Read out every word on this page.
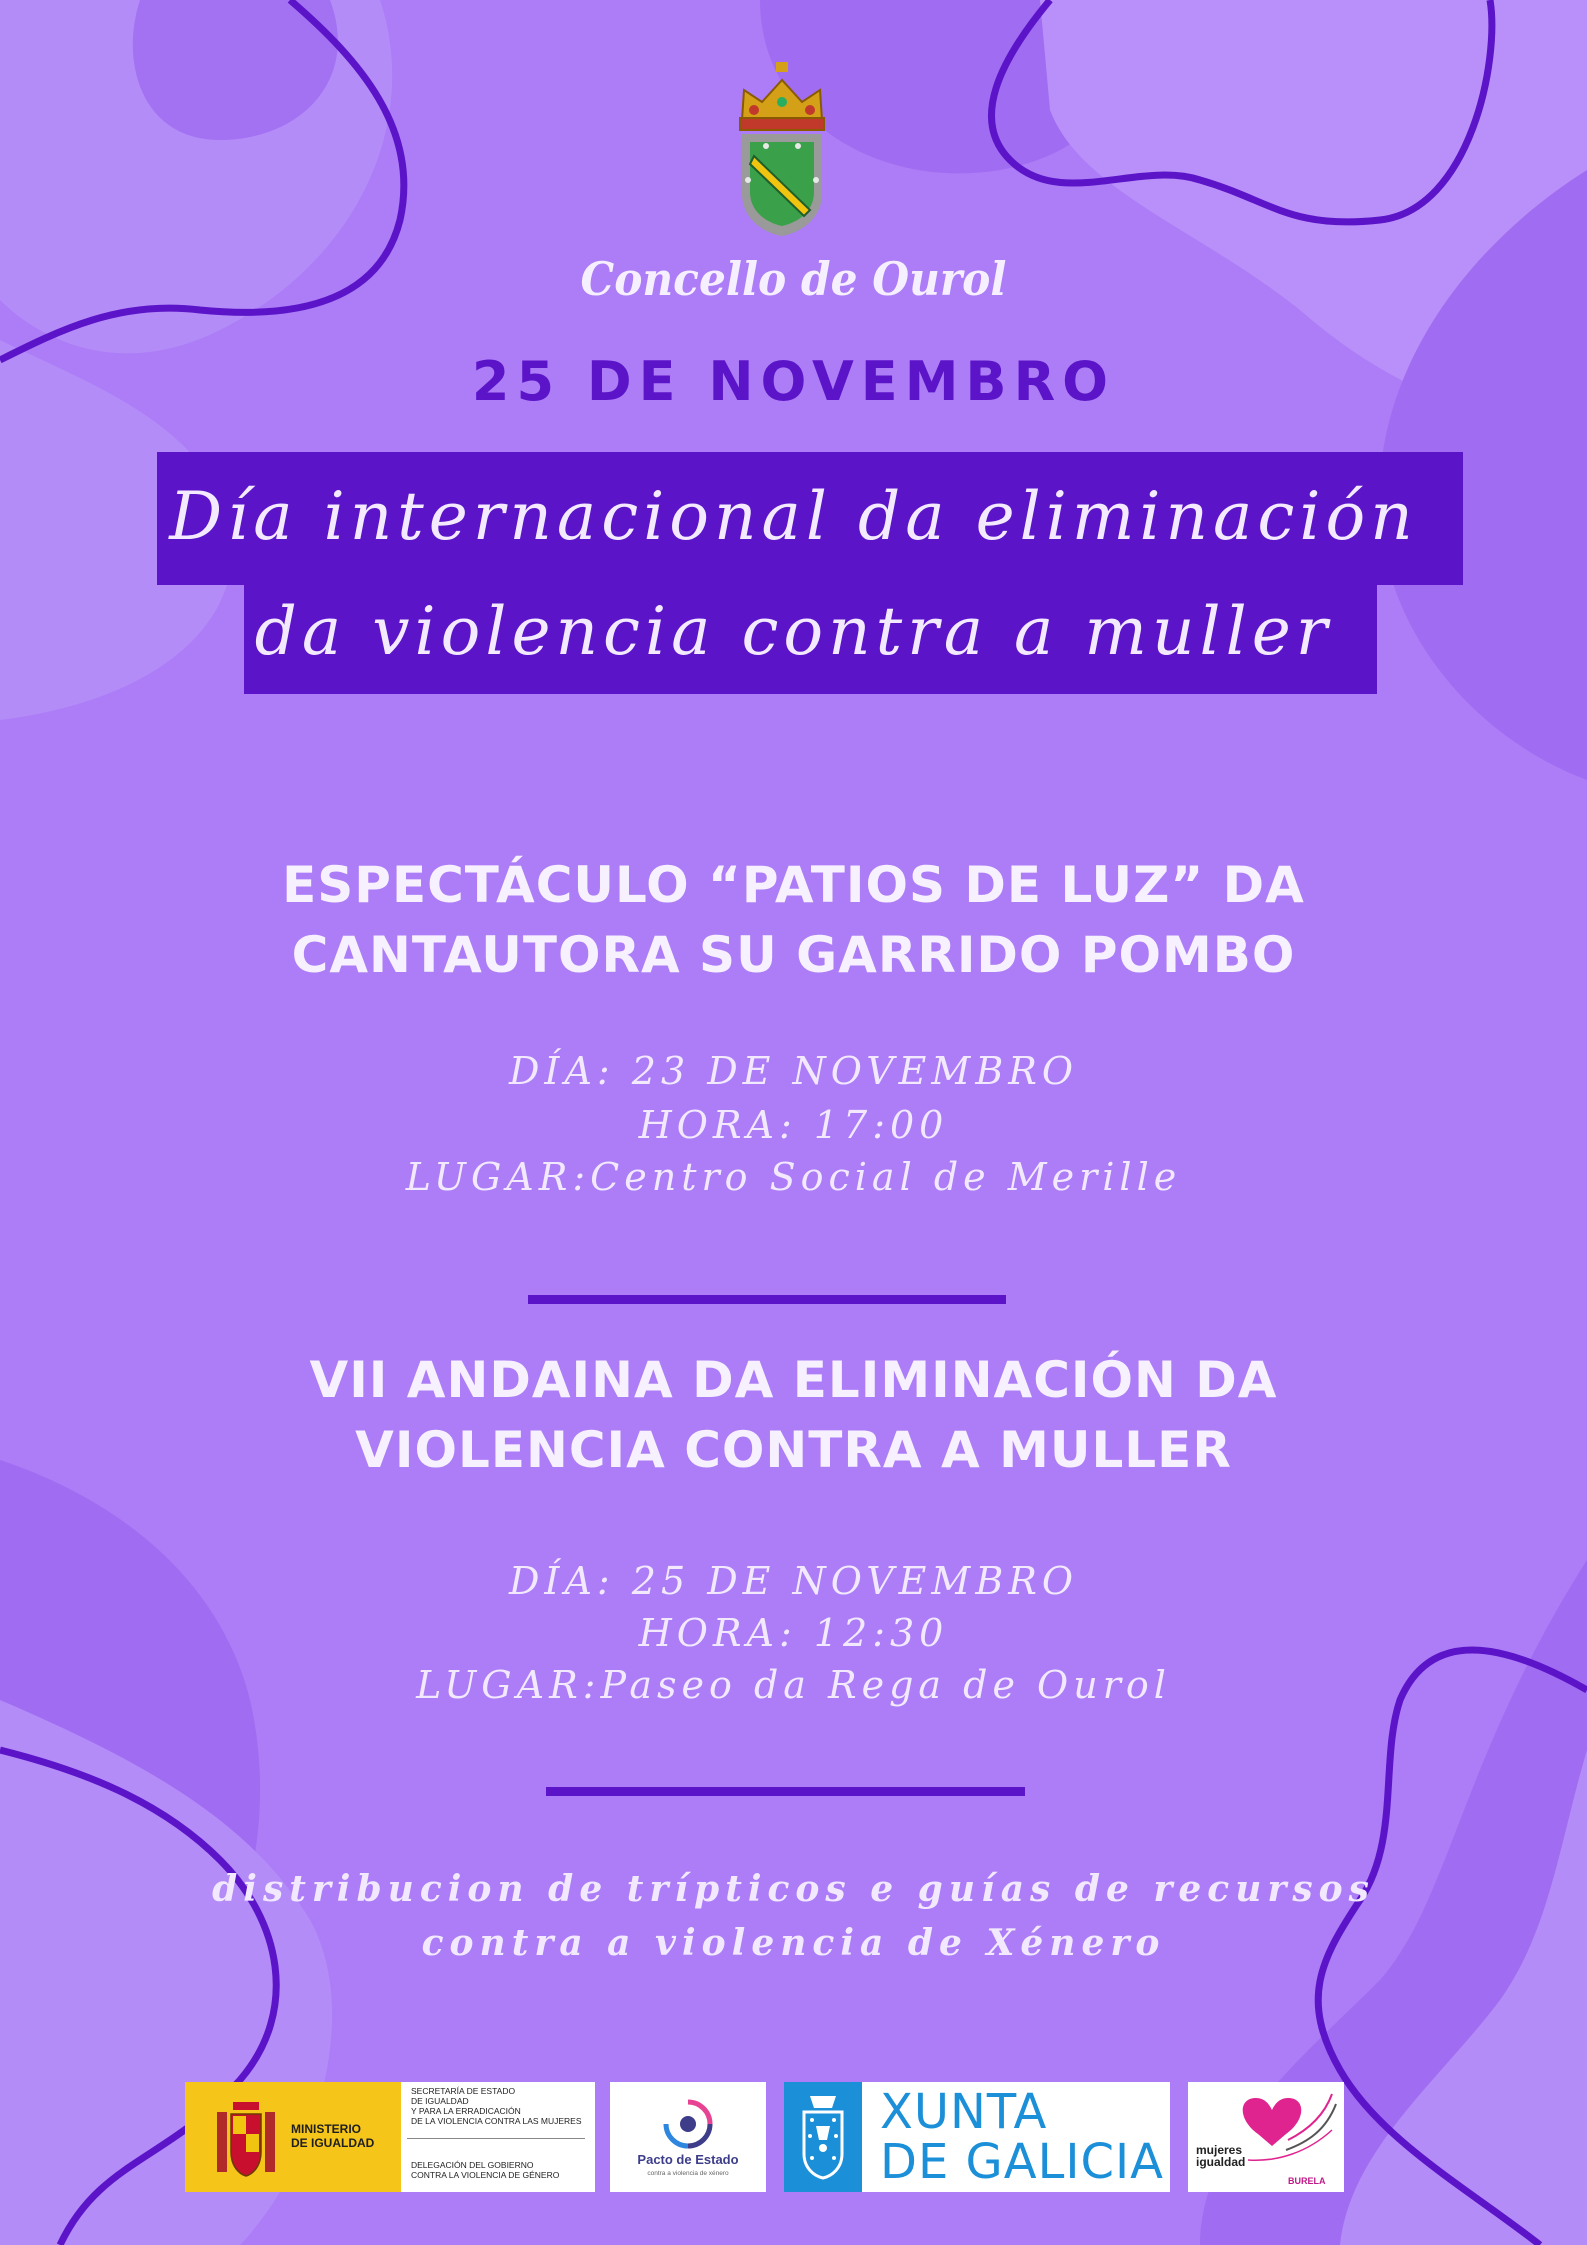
Concello de Ourol
25 DE NOVEMBRO
Día internacional da eliminación
da violencia contra a muller
ESPECTÁCULO “PATIOS DE LUZ” DA
CANTAUTORA SU GARRIDO POMBO
DÍA: 23 DE NOVEMBRO
HORA: 17:00
LUGAR:Centro Social de Merille
VII ANDAINA DA ELIMINACIÓN DA
VIOLENCIA CONTRA A MULLER
DÍA: 25 DE NOVEMBRO
HORA: 12:30
LUGAR:Paseo da Rega de Ourol
distribucion de trípticos e guías de recursos
contra a violencia de Xénero
MINISTERIO
DE IGUALDAD
SECRETARÍA DE ESTADO
DE IGUALDAD
Y PARA LA ERRADICACIÓN
DE LA VIOLENCIA CONTRA LAS MUJERES
DELEGACIÓN DEL GOBIERNO
CONTRA LA VIOLENCIA DE GÉNERO
Pacto de Estado
contra a violencia de xénero
XUNTA
DE GALICIA	mujeres
igualdad
BURELA
